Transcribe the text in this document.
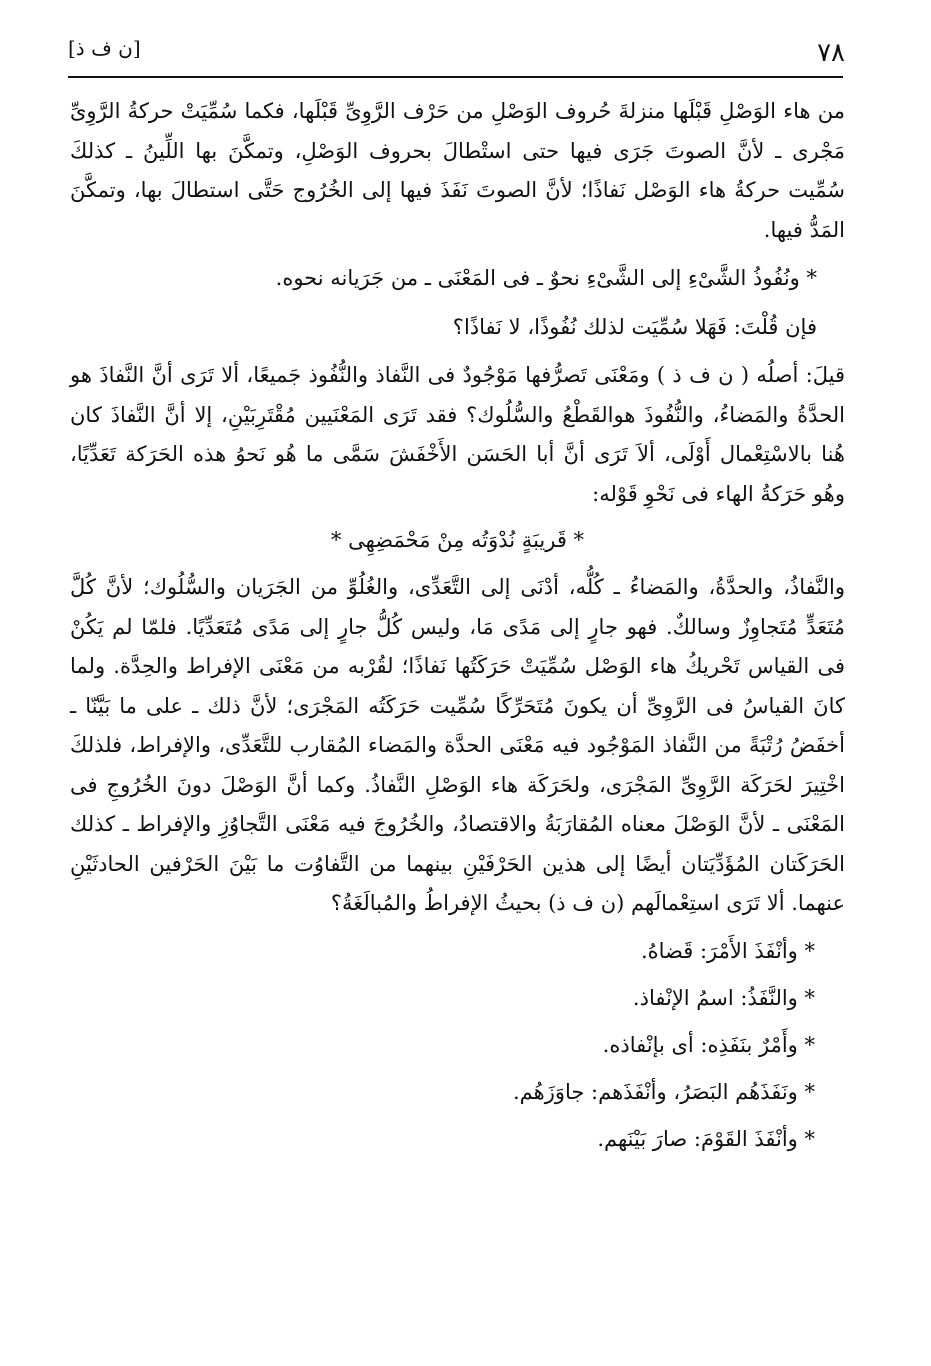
٧٨
[ن ف ذ]

من هاء الوَصْلِ قَبْلَها منزلةَ حُروف الوَصْلِ من حَرْف الرَّوِىِّ قَبْلَها، فكما سُمِّيَتْ حركةُ الرَّوِىِّ مَجْرى ـ لأنَّ الصوتَ جَرَى فيها حتى استْطالَ بحروف الوَصْلِ، وتمكَّنَ بها اللِّينُ ـ كذلكَ سُمِّيت حركةُ هاء الوَصْل نَفاذًا؛ لأنَّ الصوتَ نَفَذَ فيها إلى الخُرُوج حَتَّى استطالَ بها، وتمكَّنَ المَدُّ فيها.

* ونُفُوذُ الشَّىْءِ إلى الشَّىْءِ نحوٌ ـ فى المَعْنَى ـ من جَرَيانه نحوه.

فإن قُلْتَ: فَهَلا سُمِّيَت لذلك نُفُوذًا، لا نَفاذًا؟

قيلَ: أصلُه ( ن ف ذ ) ومَعْنَى تَصرُّفها مَوْجُودٌ فى النَّفاذ والنُّفُوذ جَميعًا، ألا تَرَى أنَّ النَّفاذَ هو الحدَّةُ والمَضاءُ، والنُّفُوذَ هوالقَطْعُ والسُّلُوك؟ فقد تَرَى المَعْنَيين مُقْتَرِبَيْنِ، إلا أنَّ النَّفاذَ كان هُنا بالاسْتِعْمال أَوْلَى، ألاَ تَرَى أنَّ أبا الحَسَن الأَخْفَشَ سَمَّى ما هُو نَحوُ هذه الحَرَكة تَعَدِّيًا، وهُو حَرَكةُ الهاء فى نَحْوِ قَوْله:

* قَريبَةٍ نُدْوَتُه مِنْ مَحْمَضِهِى *

والنَّفاذُ، والحدَّةُ، والمَضاءُ ـ كُلُّه، أدْنَى إلى التَّعَدِّى، والغُلُوِّ من الجَرَيان والسُّلُوك؛ لأنَّ كُلَّ مُتَعَدٍّ مُتَجاوِزٌ وسالكٌ. فهو جارٍ إلى مَدًى مَا، وليس كُلُّ جارٍ إلى مَدًى مُتَعَدِّيًا. فلمّا لم يَكُنْ فى القياس تَحْريكُ هاء الوَصْل سُمِّيَتْ حَرَكَتُها نَفاذًا؛ لقُرْبه من مَعْنَى الإفراط والحِدَّة. ولما كانَ القياسُ فى الرَّوِىِّ أن يكونَ مُتَحَرِّكًا سُمِّيت حَرَكَتُه المَجْرَى؛ لأنَّ ذلك ـ على ما بَيَّنّا ـ أخفَضُ رُتْبَةً من النَّفاذ المَوْجُود فيه مَعْنَى الحدَّة والمَضاء المُقارب للتَّعَدِّى، والإفراط، فلذلكَ اخْتِيرَ لحَرَكَة الرَّوِىِّ المَجْرَى، ولحَرَكَة هاء الوَصْلِ النَّفاذُ. وكما أنَّ الوَصْلَ دونَ الخُرُوجِ فى المَعْنَى ـ لأنَّ الوَصْلَ معناه المُقارَبَةُ والاقتصادُ، والخُرُوجَ فيه مَعْنَى التَّجاوُزِ والإفراط ـ كذلك الحَرَكَتان المُؤَدِّيَتان أيضًا إلى هذين الحَرْفَيْنِ بينهما من التَّفاوُت ما بَيْنَ الحَرْفين الحادثَيْنِ عنهما. ألا تَرَى استِعْمالَهم (ن ف ذ) بحيثُ الإفراطُ والمُبالَغَةُ؟

* وأنْفَذَ الأَمْرَ: قَضاهُ.

* والنَّفَذُ: اسمُ الإنْفاذ.

* وأَمْرٌ بنَفَذِه: أى بإنْفاذه.

* ونَفَذَهُم البَصَرُ، وأنْفَذَهم: جاوَزَهُم.

* وأنْفَذَ القَوْمَ: صارَ بَيْنَهم.
